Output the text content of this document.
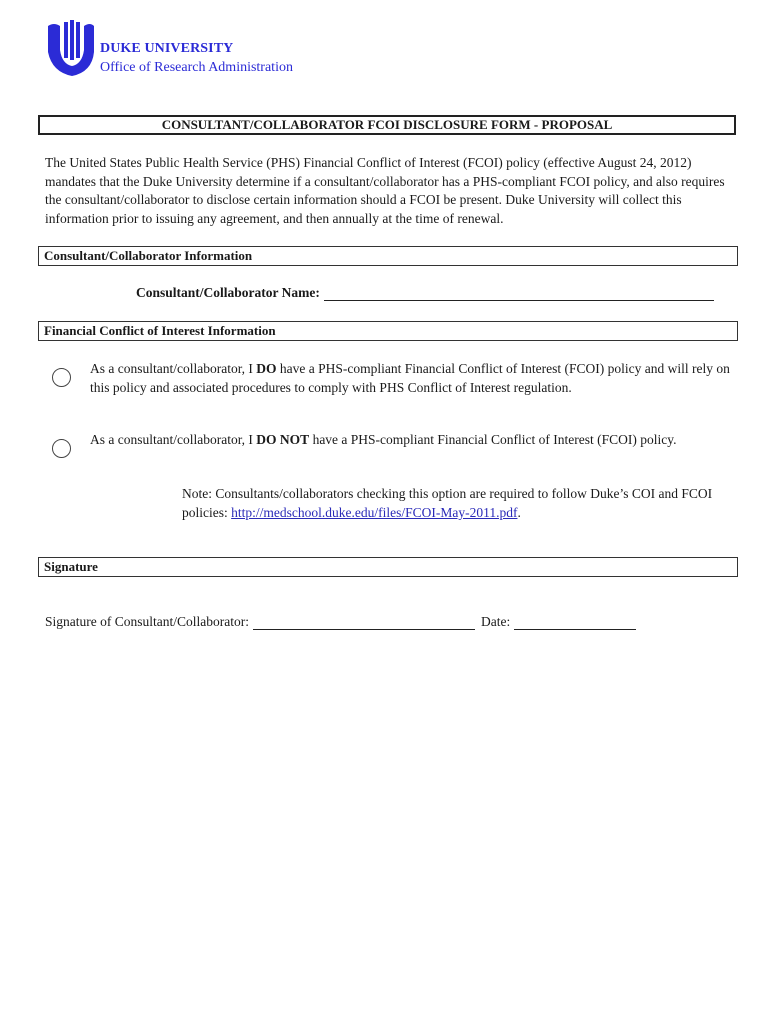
DUKE UNIVERSITY
Office of Research Administration
CONSULTANT/COLLABORATOR FCOI DISCLOSURE FORM - PROPOSAL
The United States Public Health Service (PHS) Financial Conflict of Interest (FCOI) policy (effective August 24, 2012) mandates that the Duke University determine if a consultant/collaborator has a PHS-compliant FCOI policy, and also requires the consultant/collaborator to disclose certain information should a FCOI be present. Duke University will collect this information prior to issuing any agreement, and then annually at the time of renewal.
Consultant/Collaborator Information
Consultant/Collaborator Name:
Financial Conflict of Interest Information
As a consultant/collaborator, I DO have a PHS-compliant Financial Conflict of Interest (FCOI) policy and will rely on this policy and associated procedures to comply with PHS Conflict of Interest regulation.
As a consultant/collaborator, I DO NOT have a PHS-compliant Financial Conflict of Interest (FCOI) policy.
Note: Consultants/collaborators checking this option are required to follow Duke’s COI and FCOI policies: http://medschool.duke.edu/files/FCOI-May-2011.pdf.
Signature
Signature of Consultant/Collaborator:	Date:
